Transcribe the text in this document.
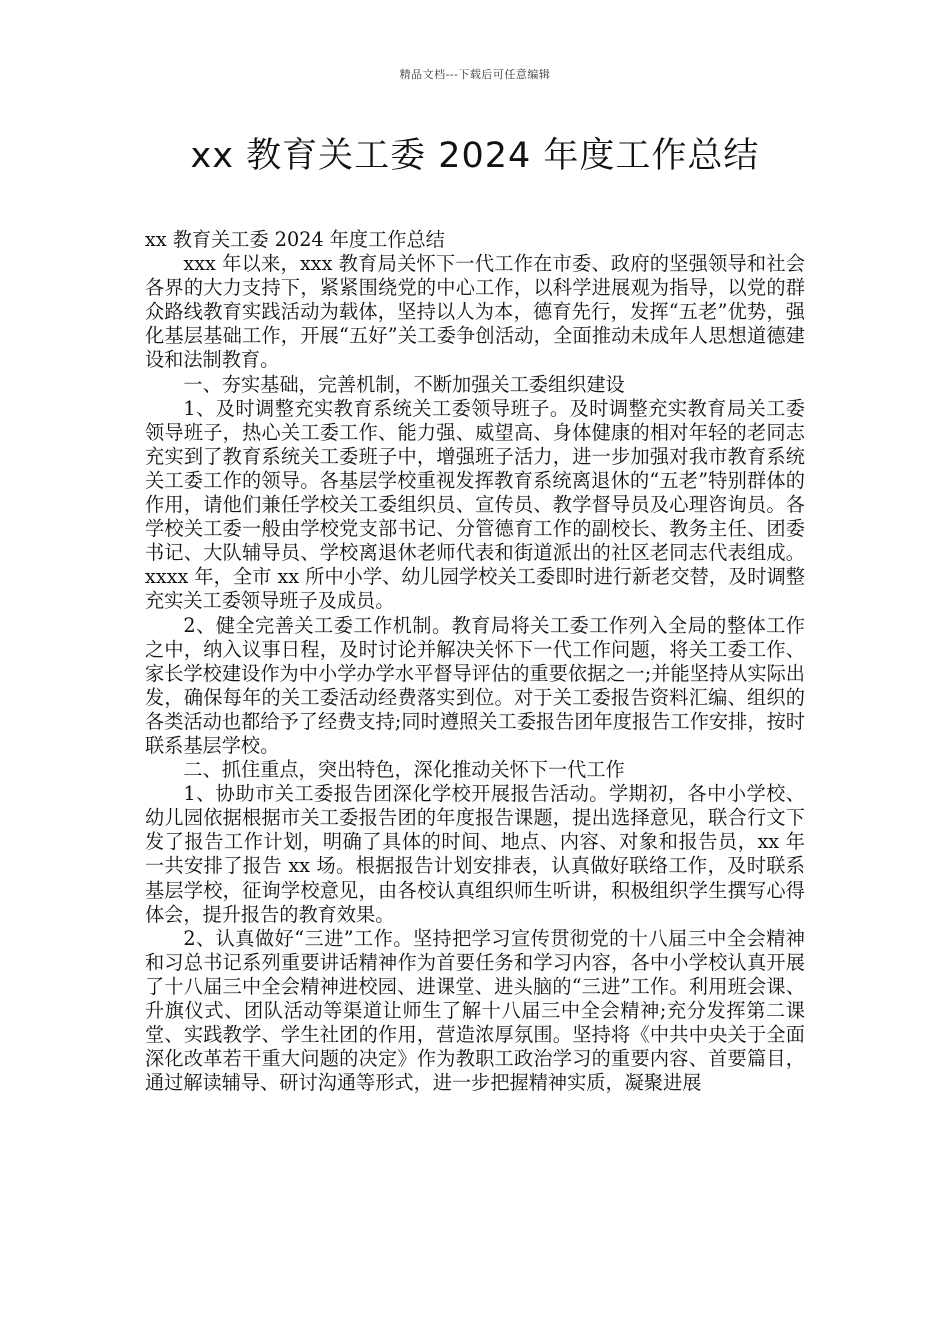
精品文档---下载后可任意编辑
xx 教育关工委 2024 年度工作总结

xx 教育关工委 2024 年度工作总结

xxx 年以来，xxx 教育局关怀下一代工作在市委、政府的坚强领导和社会各界的大力支持下，紧紧围绕党的中心工作，以科学进展观为指导，以党的群众路线教育实践活动为载体，坚持以人为本，德育先行，发挥“五老”优势，强化基层基础工作，开展“五好”关工委争创活动，全面推动未成年人思想道德建设和法制教育。

一、夯实基础，完善机制，不断加强关工委组织建设

1、及时调整充实教育系统关工委领导班子。及时调整充实教育局关工委领导班子，热心关工委工作、能力强、威望高、身体健康的相对年轻的老同志充实到了教育系统关工委班子中，增强班子活力，进一步加强对我市教育系统关工委工作的领导。各基层学校重视发挥教育系统离退休的“五老”特别群体的作用，请他们兼任学校关工委组织员、宣传员、教学督导员及心理咨询员。各学校关工委一般由学校党支部书记、分管德育工作的副校长、教务主任、团委书记、大队辅导员、学校离退休老师代表和街道派出的社区老同志代表组成。xxxx 年，全市 xx 所中小学、幼儿园学校关工委即时进行新老交替，及时调整充实关工委领导班子及成员。

2、健全完善关工委工作机制。教育局将关工委工作列入全局的整体工作之中，纳入议事日程，及时讨论并解决关怀下一代工作问题，将关工委工作、家长学校建设作为中小学办学水平督导评估的重要依据之一;并能坚持从实际出发，确保每年的关工委活动经费落实到位。对于关工委报告资料汇编、组织的各类活动也都给予了经费支持;同时遵照关工委报告团年度报告工作安排，按时联系基层学校。

二、抓住重点，突出特色，深化推动关怀下一代工作

1、协助市关工委报告团深化学校开展报告活动。学期初，各中小学校、幼儿园依据根据市关工委报告团的年度报告课题，提出选择意见，联合行文下发了报告工作计划，明确了具体的时间、地点、内容、对象和报告员，xx 年一共安排了报告 xx 场。根据报告计划安排表，认真做好联络工作，及时联系基层学校，征询学校意见，由各校认真组织师生听讲，积极组织学生撰写心得体会，提升报告的教育效果。

2、认真做好“三进”工作。坚持把学习宣传贯彻党的十八届三中全会精神和习总书记系列重要讲话精神作为首要任务和学习内容，各中小学校认真开展了十八届三中全会精神进校园、进课堂、进头脑的“三进”工作。利用班会课、升旗仪式、团队活动等渠道让师生了解十八届三中全会精神;充分发挥第二课堂、实践教学、学生社团的作用，营造浓厚氛围。坚持将《中共中央关于全面深化改革若干重大问题的决定》作为教职工政治学习的重要内容、首要篇目，通过解读辅导、研讨沟通等形式，进一步把握精神实质，凝聚进展
